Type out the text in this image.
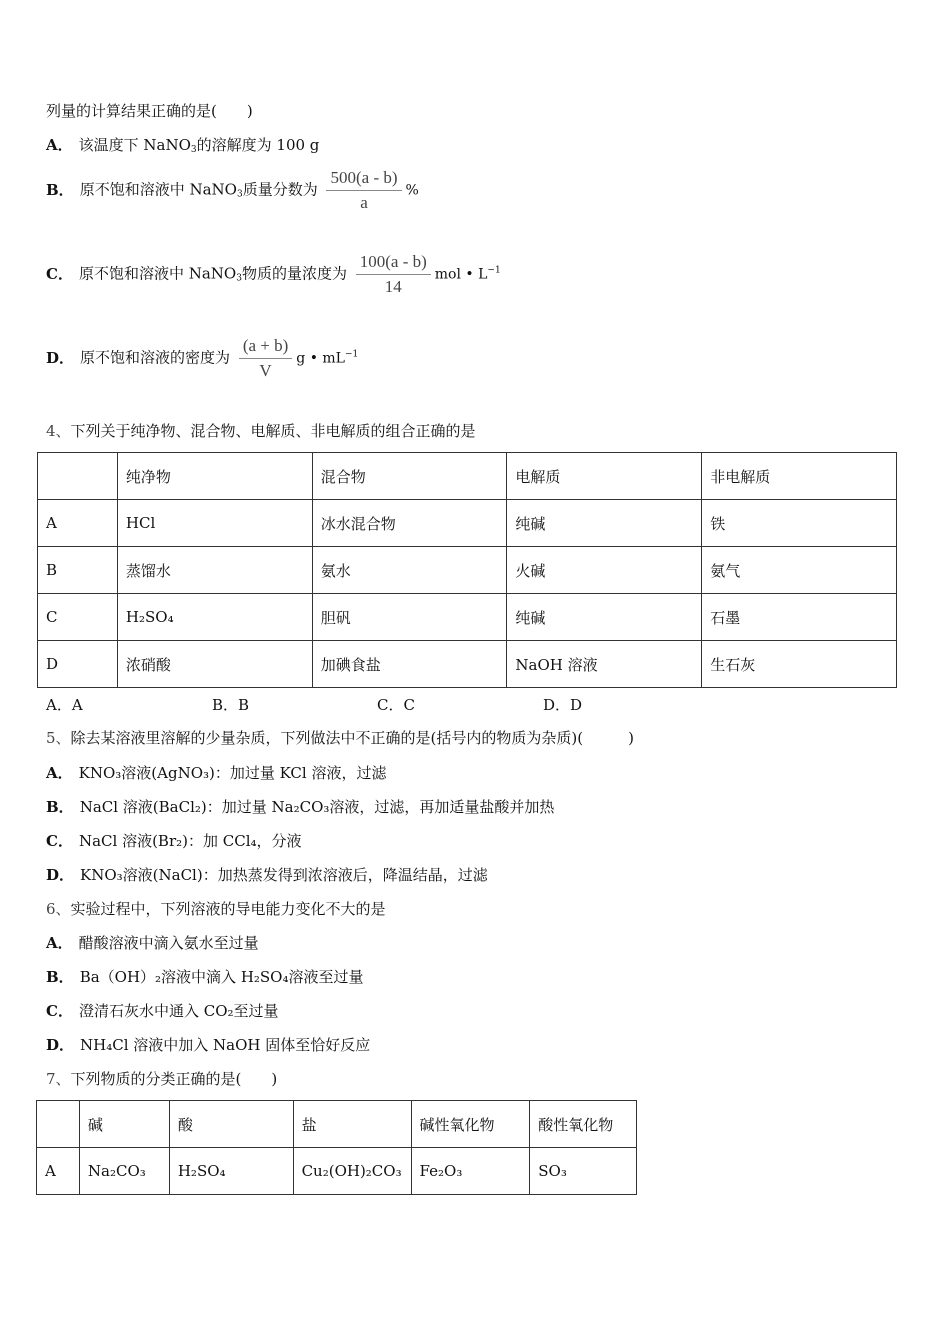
列量的计算结果正确的是(　　)
A． 该温度下 NaNO$_3$的溶解度为 100 g
B． 原不饱和溶液中 NaNO$_3$质量分数为 $\frac{500(a - b)}{a}$ %
C． 原不饱和溶液中 NaNO$_3$物质的量浓度为 $\frac{100(a - b)}{14}$ mol • $L^{-1}$
D． 原不饱和溶液的密度为 $\frac{(a + b)}{V}$ g • $mL^{-1}$
4、下列关于纯净物、混合物、电解质、非电解质的组合正确的是
	纯净物	混合物	电解质	非电解质
A	HCl	冰水混合物	纯碱	铁
B	蒸馏水	氨水	火碱	氨气
C	H₂SO₄	胆矾	纯碱	石墨
D	浓硝酸	加碘食盐	NaOH 溶液	生石灰
A．A	B．B	C．C	D．D
5、除去某溶液里溶解的少量杂质，下列做法中不正确的是(括号内的物质为杂质)(　　　)
A． KNO₃溶液(AgNO₃)：加过量 KCl 溶液，过滤
B． NaCl 溶液(BaCl₂)：加过量 Na₂CO₃溶液，过滤，再加适量盐酸并加热
C． NaCl 溶液(Br₂)：加 CCl₄，分液
D． KNO₃溶液(NaCl)：加热蒸发得到浓溶液后，降温结晶，过滤
6、实验过程中，下列溶液的导电能力变化不大的是
A． 醋酸溶液中滴入氨水至过量
B． Ba（OH）₂溶液中滴入 H₂SO₄溶液至过量
C． 澄清石灰水中通入 CO₂至过量
D． NH₄Cl 溶液中加入 NaOH 固体至恰好反应
7、下列物质的分类正确的是(　　)
	碱	酸	盐	碱性氧化物	酸性氧化物
A	Na₂CO₃	H₂SO₄	Cu₂(OH)₂CO₃	Fe₂O₃	SO₃
